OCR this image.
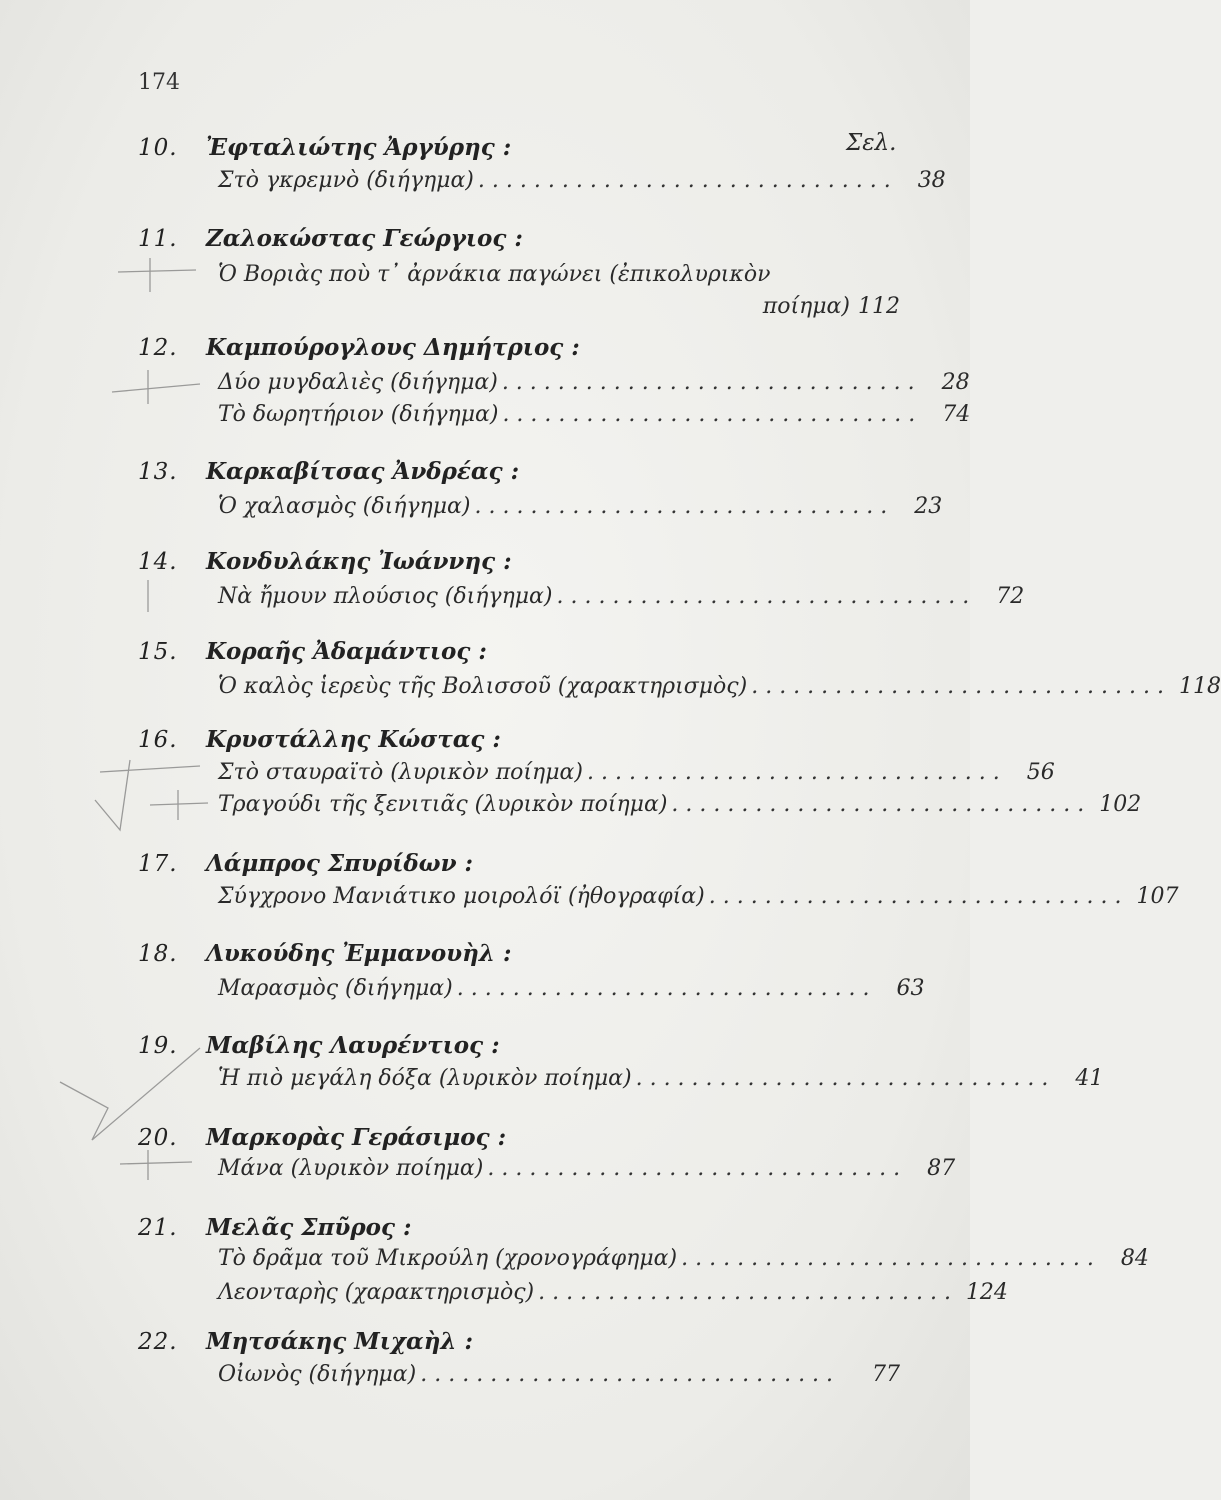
174
Σελ.
10. Ἐφταλιώτης Ἀργύρης :
Στὸ γκρεμνὸ (διήγημα) .............................. 38
11. Ζαλοκώστας Γεώργιος :
Ὁ Βοριὰς ποὺ τ᾽ ἀρνάκια παγώνει (ἐπικολυρικὸν
ποίημα) 112
12. Καμπούρογλους Δημήτριος :
Δύο μυγδαλιὲς (διήγημα) .............................. 28
Τὸ δωρητήριον (διήγημα) .............................. 74
13. Καρκαβίτσας Ἀνδρέας :
Ὁ χαλασμὸς (διήγημα) .............................. 23
14. Κονδυλάκης Ἰωάννης :
Νὰ ἤμουν πλούσιος (διήγημα) .............................. 72
15. Κοραῆς Ἀδαμάντιος :
Ὁ καλὸς ἱερεὺς τῆς Βολισσοῦ (χαρακτηρισμὸς) .............................. 118
16. Κρυστάλλης Κώστας :
Στὸ σταυραϊτὸ (λυρικὸν ποίημα) .............................. 56
Τραγούδι τῆς ξενιτιᾶς (λυρικὸν ποίημα) .............................. 102
17. Λάμπρος Σπυρίδων :
Σύγχρονο Μανιάτικο μοιρολόϊ (ἠθογραφία) .............................. 107
18. Λυκούδης Ἐμμανουὴλ :
Μαρασμὸς (διήγημα) .............................. 63
19. Μαβίλης Λαυρέντιος :
Ἡ πιὸ μεγάλη δόξα (λυρικὸν ποίημα) .............................. 41
20. Μαρκορὰς Γεράσιμος :
Μάνα (λυρικὸν ποίημα) .............................. 87
21. Μελᾶς Σπῦρος :
Τὸ δρᾶμα τοῦ Μικρούλη (χρονογράφημα) .............................. 84
Λεονταρὴς (χαρακτηρισμὸς) .............................. 124
22. Μητσάκης Μιχαὴλ :
Οἰωνὸς (διήγημα) ..............................	77
